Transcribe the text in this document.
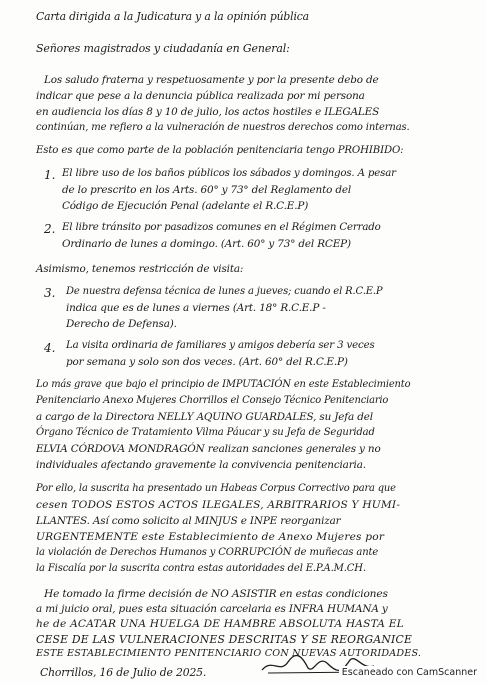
Carta dirigida a la Judicatura y a la opinión pública
Señores magistrados y ciudadanía en General:
Los saludo fraterna y respetuosamente y por la presente debo de
indicar que pese a la denuncia pública realizada por mi persona
en audiencia los días 8 y 10 de julio, los actos hostiles e ILEGALES
continúan, me refiero a la vulneración de nuestros derechos como internas.
Esto es que como parte de la población penitenciaria tengo PROHIBIDO:
1. El libre uso de los baños públicos los sábados y domingos. A pesar
de lo prescrito en los Arts. 60° y 73° del Reglamento del
Código de Ejecución Penal (adelante el R.C.E.P)
2. El libre tránsito por pasadizos comunes en el Régimen Cerrado
Ordinario de lunes a domingo. (Art. 60° y 73° del RCEP)
Asimismo, tenemos restricción de visita:
3. De nuestra defensa técnica de lunes a jueves; cuando el R.C.E.P
indica que es de lunes a viernes (Art. 18° R.C.E.P -
Derecho de Defensa).
4. La visita ordinaria de familiares y amigos debería ser 3 veces
por semana y solo son dos veces. (Art. 60° del R.C.E.P)
Lo más grave que bajo el principio de IMPUTACIÓN en este Establecimiento
Penitenciario Anexo Mujeres Chorrillos el Consejo Técnico Penitenciario
a cargo de la Directora NELLY AQUINO GUARDALES, su Jefa del
Órgano Técnico de Tratamiento Vilma Páucar y su Jefa de Seguridad
ELVIA CÓRDOVA MONDRAGÓN realizan sanciones generales y no
individuales afectando gravemente la convivencia penitenciaria.
Por ello, la suscrita ha presentado un Habeas Corpus Correctivo para que
cesen TODOS ESTOS ACTOS ILEGALES, ARBITRARIOS Y HUMI-
LLANTES. Así como solicito al MINJUS e INPE reorganizar
URGENTEMENTE este Establecimiento de Anexo Mujeres por
la violación de Derechos Humanos y CORRUPCIÓN de muñecas ante
la Fiscalía por la suscrita contra estas autoridades del E.P.A.M.CH.
He tomado la firme decisión de NO ASISTIR en estas condiciones
a mi juicio oral, pues esta situación carcelaria es INFRA HUMANA y
he de ACATAR UNA HUELGA DE HAMBRE ABSOLUTA HASTA EL
CESE DE LAS VULNERACIONES DESCRITAS Y SE REORGANICE
ESTE ESTABLECIMIENTO PENITENCIARIO CON NUEVAS AUTORIDADES.
Chorrillos, 16 de Julio de 2025.	Escaneado con CamScanner
